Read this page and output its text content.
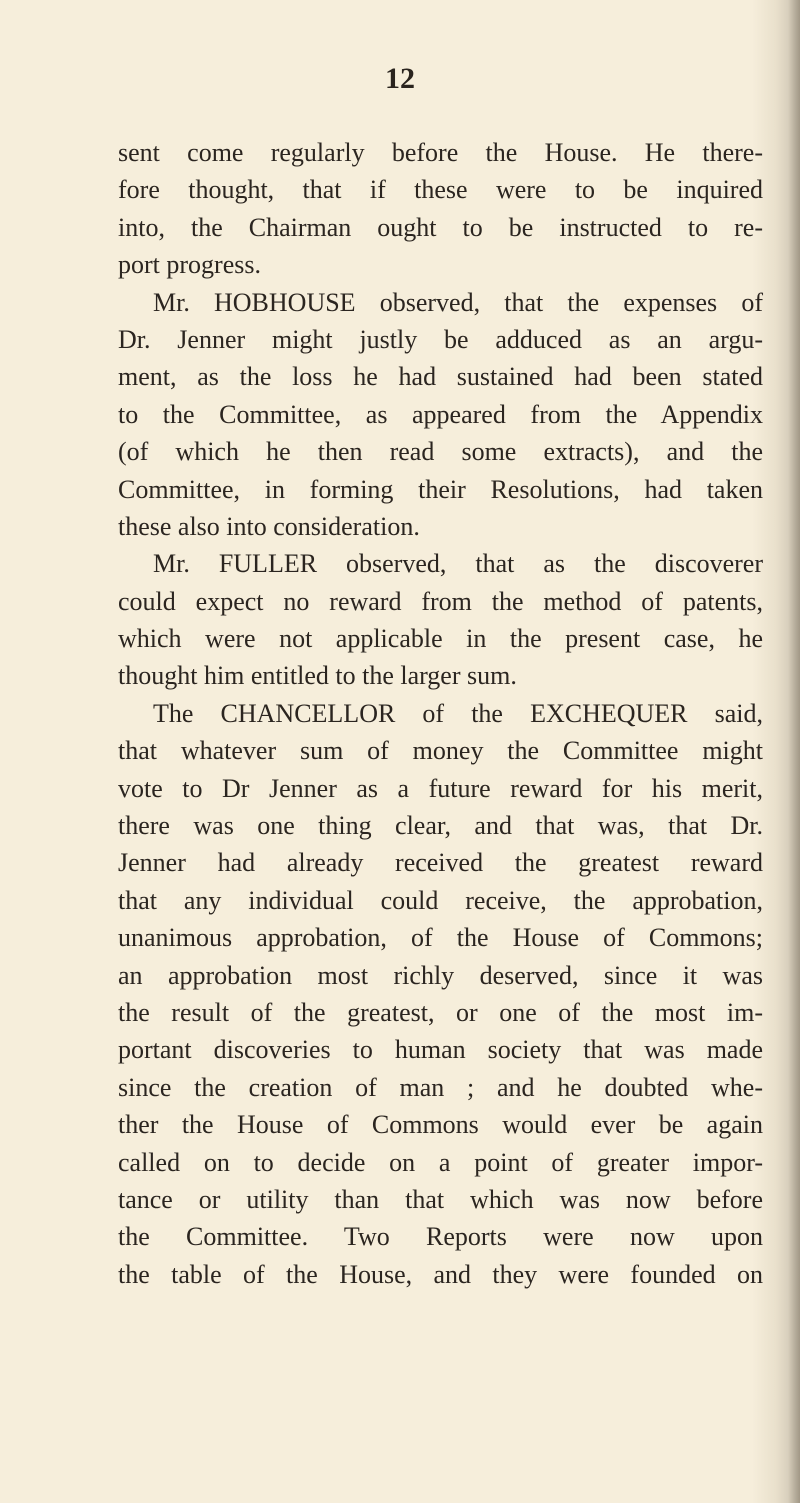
12
sent come regularly before the House. He there-
fore thought, that if these were to be inquired
into, the Chairman ought to be instructed to re-
port progress.
Mr. HOBHOUSE observed, that the expenses of
Dr. Jenner might justly be adduced as an argu-
ment, as the loss he had sustained had been stated
to the Committee, as appeared from the Appendix
(of which he then read some extracts), and the
Committee, in forming their Resolutions, had taken
these also into consideration.
Mr. FULLER observed, that as the discoverer
could expect no reward from the method of patents,
which were not applicable in the present case, he
thought him entitled to the larger sum.
The CHANCELLOR of the EXCHEQUER said,
that whatever sum of money the Committee might
vote to Dr Jenner as a future reward for his merit,
there was one thing clear, and that was, that Dr.
Jenner had already received the greatest reward
that any individual could receive, the approbation,
unanimous approbation, of the House of Commons;
an approbation most richly deserved, since it was
the result of the greatest, or one of the most im-
portant discoveries to human society that was made
since the creation of man ; and he doubted whe-
ther the House of Commons would ever be again
called on to decide on a point of greater impor-
tance or utility than that which was now before
the Committee. Two Reports were now upon
the table of the House, and they were founded on
